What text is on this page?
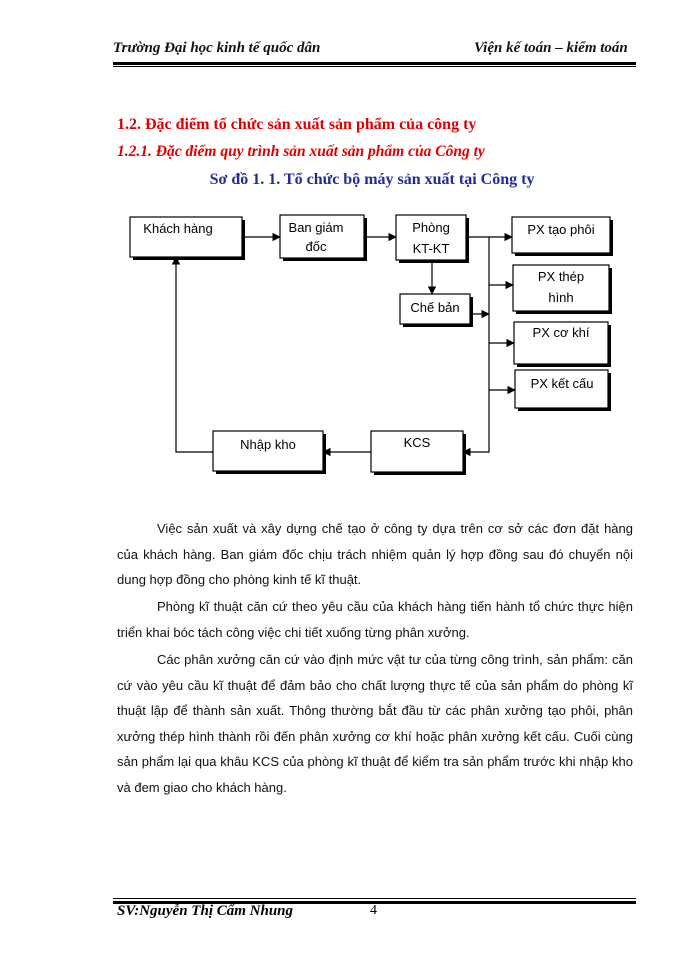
Trường Đại học kinh tế quốc dân	Viện kế toán – kiểm toán
1.2. Đặc điểm tổ chức sản xuất sản phẩm của công ty
1.2.1. Đặc điểm quy trình sản xuất sản phẩm của Công ty
Sơ đồ 1. 1. Tổ chức bộ máy sản xuất tại Công ty
Khách hàng	Ban giám
đốc
Phòng
KT-KT
Chế bản
PX tạo phôi
PX thép
hình
PX cơ khí
PX kết cấu
KCS
Nhập kho

Việc sản xuất và xây dựng chế tạo ở công ty dựa trên cơ sở các đơn đặt hàng của khách hàng. Ban giám đốc chịu trách nhiệm quản lý hợp đồng sau đó chuyển nội dung hợp đồng cho phòng kinh tế kĩ thuật.

Phòng kĩ thuật căn cứ theo yêu cầu của khách hàng tiến hành tổ chức thực hiện triển khai bóc tách công việc chi tiết xuống từng phân xưởng.

Các phân xưởng căn cứ vào định mức vật tư của từng công trình, sản phẩm: căn cứ vào yêu cầu kĩ thuật để đảm bảo cho chất lượng thực tế của sản phẩm do phòng kĩ thuật lập để thành sản xuất. Thông thường bắt đầu từ các phân xưởng tạo phôi, phân xưởng thép hình thành rồi đến phân xưởng cơ khí hoặc phân xưởng kết cấu. Cuối cùng sản phẩm lại qua khâu KCS của phòng kĩ thuật để kiểm tra sản phẩm trước khi nhập kho và đem giao cho khách hàng.

SV:Nguyễn Thị Cẩm Nhung	4
